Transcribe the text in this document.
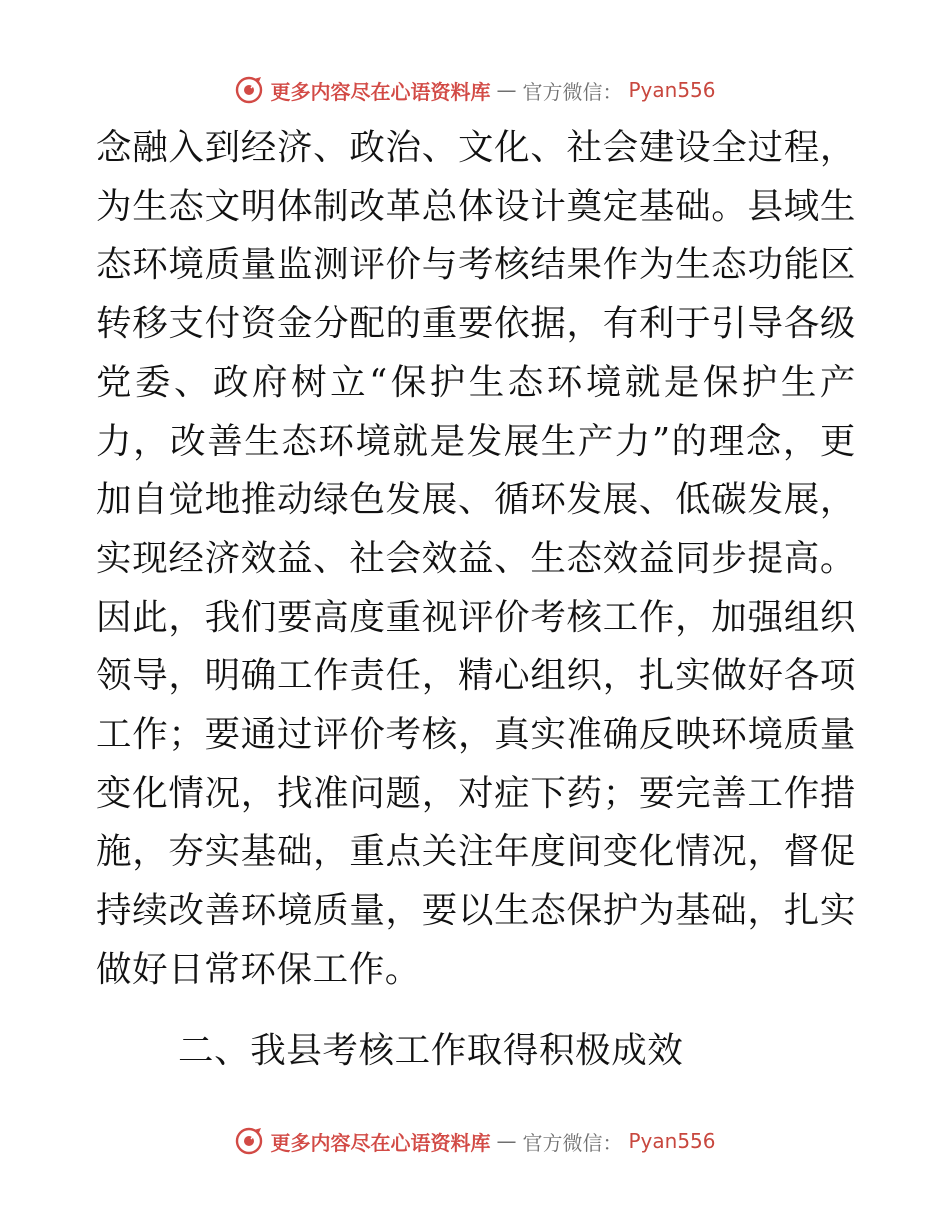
更多内容尽在心语资料库 — 官方微信： Pyan556

念融入到经济、政治、文化、社会建设全过程，为生态文明体制改革总体设计奠定基础。县域生态环境质量监测评价与考核结果作为生态功能区转移支付资金分配的重要依据，有利于引导各级党委、政府树立“保护生态环境就是保护生产力，改善生态环境就是发展生产力”的理念，更加自觉地推动绿色发展、循环发展、低碳发展，实现经济效益、社会效益、生态效益同步提高。因此，我们要高度重视评价考核工作，加强组织领导，明确工作责任，精心组织，扎实做好各项工作；要通过评价考核，真实准确反映环境质量变化情况，找准问题，对症下药；要完善工作措施，夯实基础，重点关注年度间变化情况，督促持续改善环境质量，要以生态保护为基础，扎实做好日常环保工作。

二、我县考核工作取得积极成效

更多内容尽在心语资料库 — 官方微信： Pyan556
